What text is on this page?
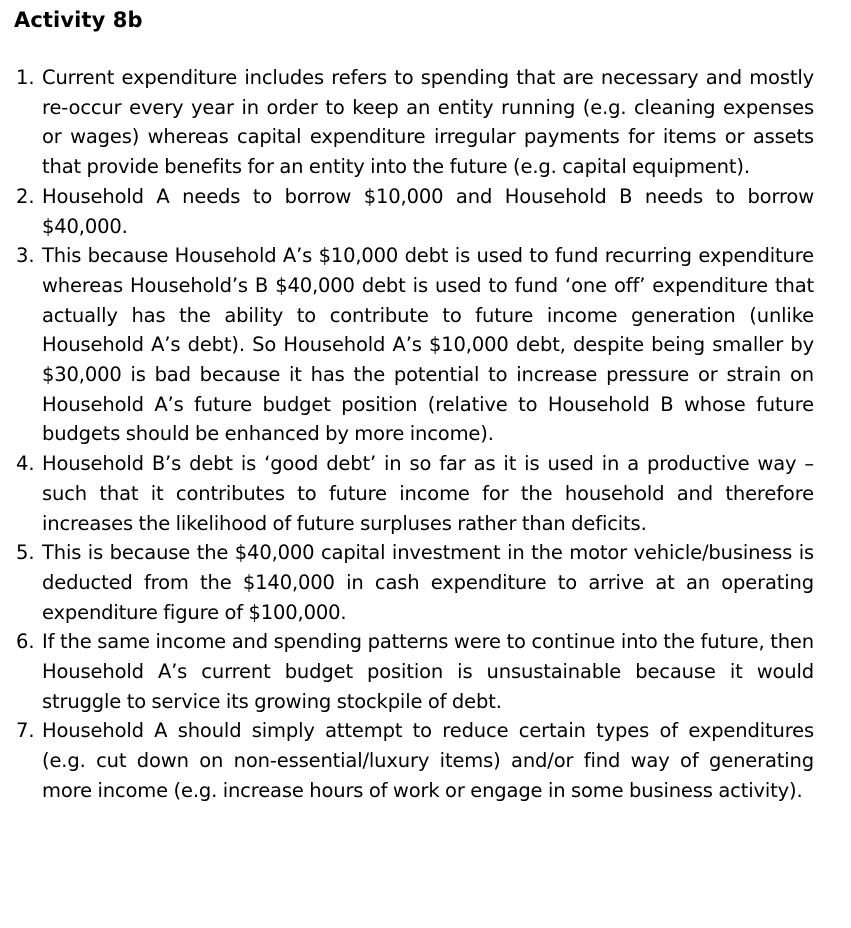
Activity 8b
1. Current expenditure includes refers to spending that are necessary and mostly re-occur every year in order to keep an entity running (e.g. cleaning expenses or wages) whereas capital expenditure irregular payments for items or assets that provide benefits for an entity into the future (e.g. capital equipment).
2. Household A needs to borrow $10,000 and Household B needs to borrow $40,000.
3. This because Household A’s $10,000 debt is used to fund recurring expenditure whereas Household’s B $40,000 debt is used to fund ‘one off’ expenditure that actually has the ability to contribute to future income generation (unlike Household A’s debt). So Household A’s $10,000 debt, despite being smaller by $30,000 is bad because it has the potential to increase pressure or strain on Household A’s future budget position (relative to Household B whose future budgets should be enhanced by more income).
4. Household B’s debt is ‘good debt’ in so far as it is used in a productive way – such that it contributes to future income for the household and therefore increases the likelihood of future surpluses rather than deficits.
5. This is because the $40,000 capital investment in the motor vehicle/business is deducted from the $140,000 in cash expenditure to arrive at an operating expenditure figure of $100,000.
6. If the same income and spending patterns were to continue into the future, then Household A’s current budget position is unsustainable because it would struggle to service its growing stockpile of debt.
7. Household A should simply attempt to reduce certain types of expenditures (e.g. cut down on non-essential/luxury items) and/or find way of generating more income (e.g. increase hours of work or engage in some business activity).
